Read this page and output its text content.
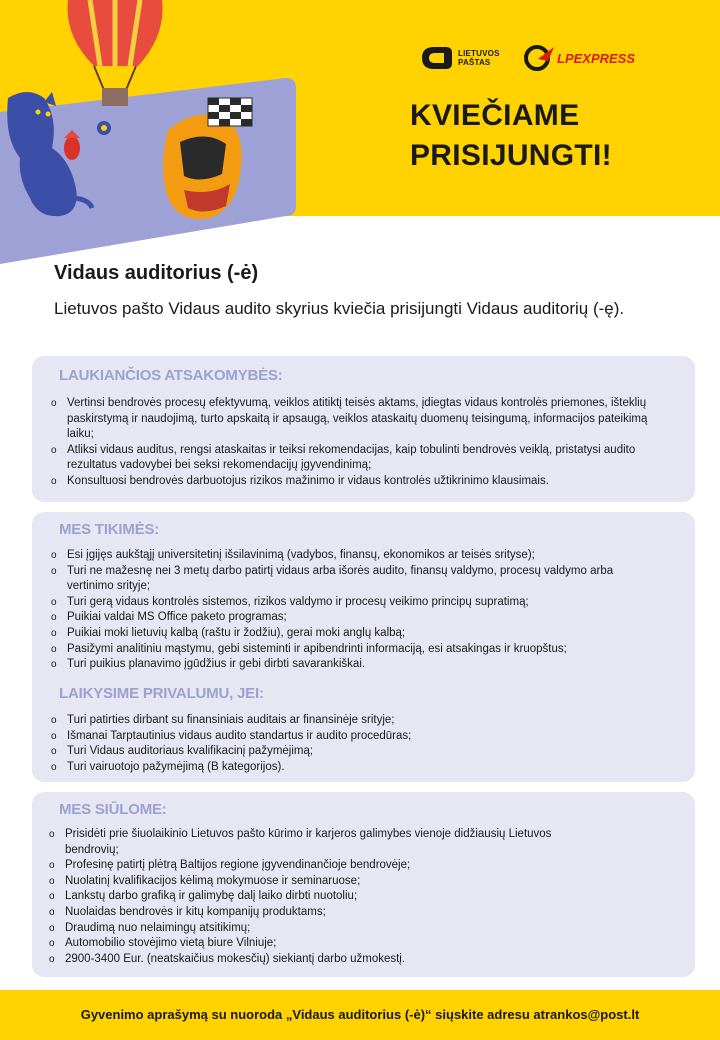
LIETUVOS
PAŠTAS	LPEXPRESS
KVIEČIAME
PRISIJUNGTI!
Vidaus auditorius (-ė)
Lietuvos pašto Vidaus audito skyrius kviečia prisijungti Vidaus auditorių (-ę).
LAUKIANČIOS ATSAKOMYBĖS:
o Vertinsi bendrovės procesų efektyvumą, veiklos atitiktį teisės aktams, įdiegtas vidaus kontrolės priemones, išteklių paskirstymą ir naudojimą, turto apskaitą ir apsaugą, veiklos ataskaitų duomenų teisingumą, informacijos pateikimą laiku;
o Atliksi vidaus auditus, rengsi ataskaitas ir teiksi rekomendacijas, kaip tobulinti bendrovės veiklą, pristatysi audito rezultatus vadovybei bei seksi rekomendacijų įgyvendinimą;
o Konsultuosi bendrovės darbuotojus rizikos mažinimo ir vidaus kontrolės užtikrinimo klausimais.
MES TIKIMĖS:
o Esi įgijęs aukštąjį universitetinį išsilavinimą (vadybos, finansų, ekonomikos ar teisės srityse);
o Turi ne mažesnę nei 3 metų darbo patirtį vidaus arba išorės audito, finansų valdymo, procesų valdymo arba vertinimo srityje;
o Turi gerą vidaus kontrolės sistemos, rizikos valdymo ir procesų veikimo principų supratimą;
o Puikiai valdai MS Office paketo programas;
o Puikiai moki lietuvių kalbą (raštu ir žodžiu), gerai moki anglų kalbą;
o Pasižymi analitiniu mąstymu, gebi sisteminti ir apibendrinti informaciją, esi atsakingas ir kruopštus;
o Turi puikius planavimo įgūdžius ir gebi dirbti savarankiškai.
LAIKYSIME PRIVALUMU, JEI:
o Turi patirties dirbant su finansiniais auditais ar finansinėje srityje;
o Išmanai Tarptautinius vidaus audito standartus ir audito procedūras;
o Turi Vidaus auditoriaus kvalifikacinį pažymėjimą;
o Turi vairuotojo pažymėjimą (B kategorijos).
MES SIŪLOME:
o Prisidėti prie šiuolaikinio Lietuvos pašto kūrimo ir karjeros galimybes vienoje didžiausių Lietuvos bendrovių;
o Profesinę patirtį plėtrą Baltijos regione įgyvendinančioje bendrovėje;
o Nuolatinį kvalifikacijos kėlimą mokymuose ir seminaruose;
o Lankstų darbo grafiką ir galimybę dalį laiko dirbti nuotoliu;
o Nuolaidas bendrovės ir kitų kompanijų produktams;
o Draudimą nuo nelaimingų atsitikimų;
o Automobilio stovėjimo vietą biure Vilniuje;
o 2900-3400 Eur. (neatskaičius mokesčių) siekiantį darbo užmokestį.
Gyvenimo aprašymą su nuoroda „Vidaus auditorius (-ė)“ siųskite adresu atrankos@post.lt
